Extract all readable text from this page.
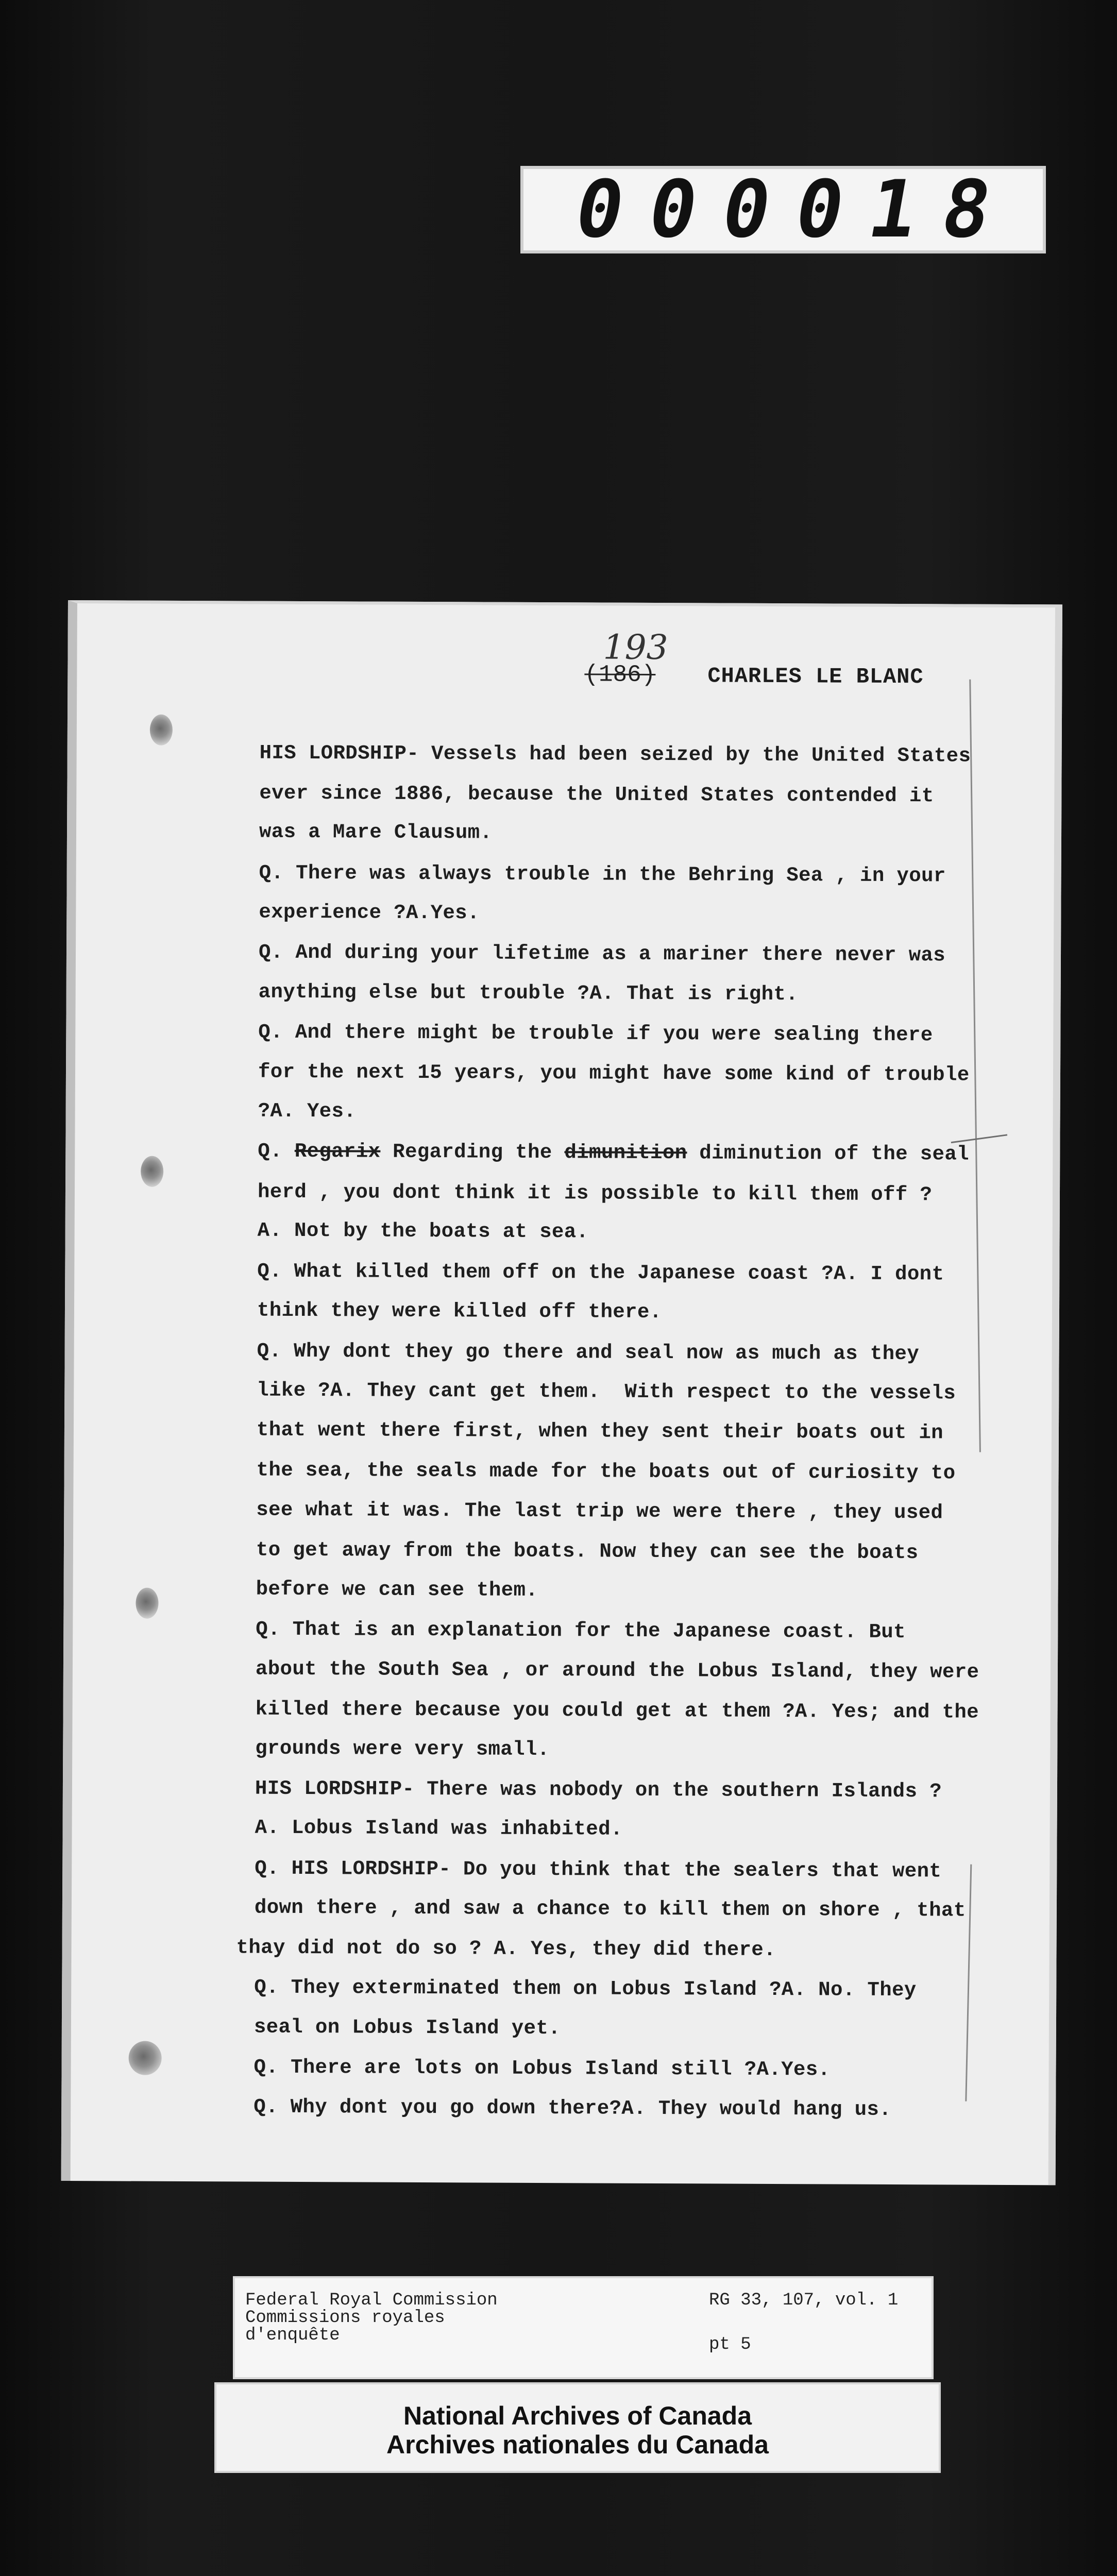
000018
(186)
193
CHARLES LE BLANC
HIS LORDSHIP- Vessels had been seized by the United States
ever since 1886, because the United States contended it
was a Mare Clausum.
Q. There was always trouble in the Behring Sea , in your
experience ?A.Yes.
Q. And during your lifetime as a mariner there never was
anything else but trouble ?A. That is right.
Q. And there might be trouble if you were sealing there
for the next 15 years, you might have some kind of trouble
?A. Yes.
Q. Regarix Regarding the dimunition diminution of the seal
herd , you dont think it is possible to kill them off ?
A. Not by the boats at sea.
Q. What killed them off on the Japanese coast ?A. I dont
think they were killed off there.
Q. Why dont they go there and seal now as much as they
like ?A. They cant get them.  With respect to the vessels
that went there first, when they sent their boats out in
the sea, the seals made for the boats out of curiosity to
see what it was. The last trip we were there , they used
to get away from the boats. Now they can see the boats
before we can see them.
Q. That is an explanation for the Japanese coast. But
about the South Sea , or around the Lobus Island, they were
killed there because you could get at them ?A. Yes; and the
grounds were very small.
HIS LORDSHIP- There was nobody on the southern Islands ?
A. Lobus Island was inhabited.
Q. HIS LORDSHIP- Do you think that the sealers that went
down there , and saw a chance to kill them on shore , that
thay did not do so ? A. Yes, they did there.
Q. They exterminated them on Lobus Island ?A. No. They
seal on Lobus Island yet.
Q. There are lots on Lobus Island still ?A.Yes.
Q. Why dont you go down there?A. They would hang us.
Federal Royal Commission
Commissions royales
d'enquête
RG 33, 107, vol. 1
pt 5
National Archives of Canada
Archives nationales du Canada
